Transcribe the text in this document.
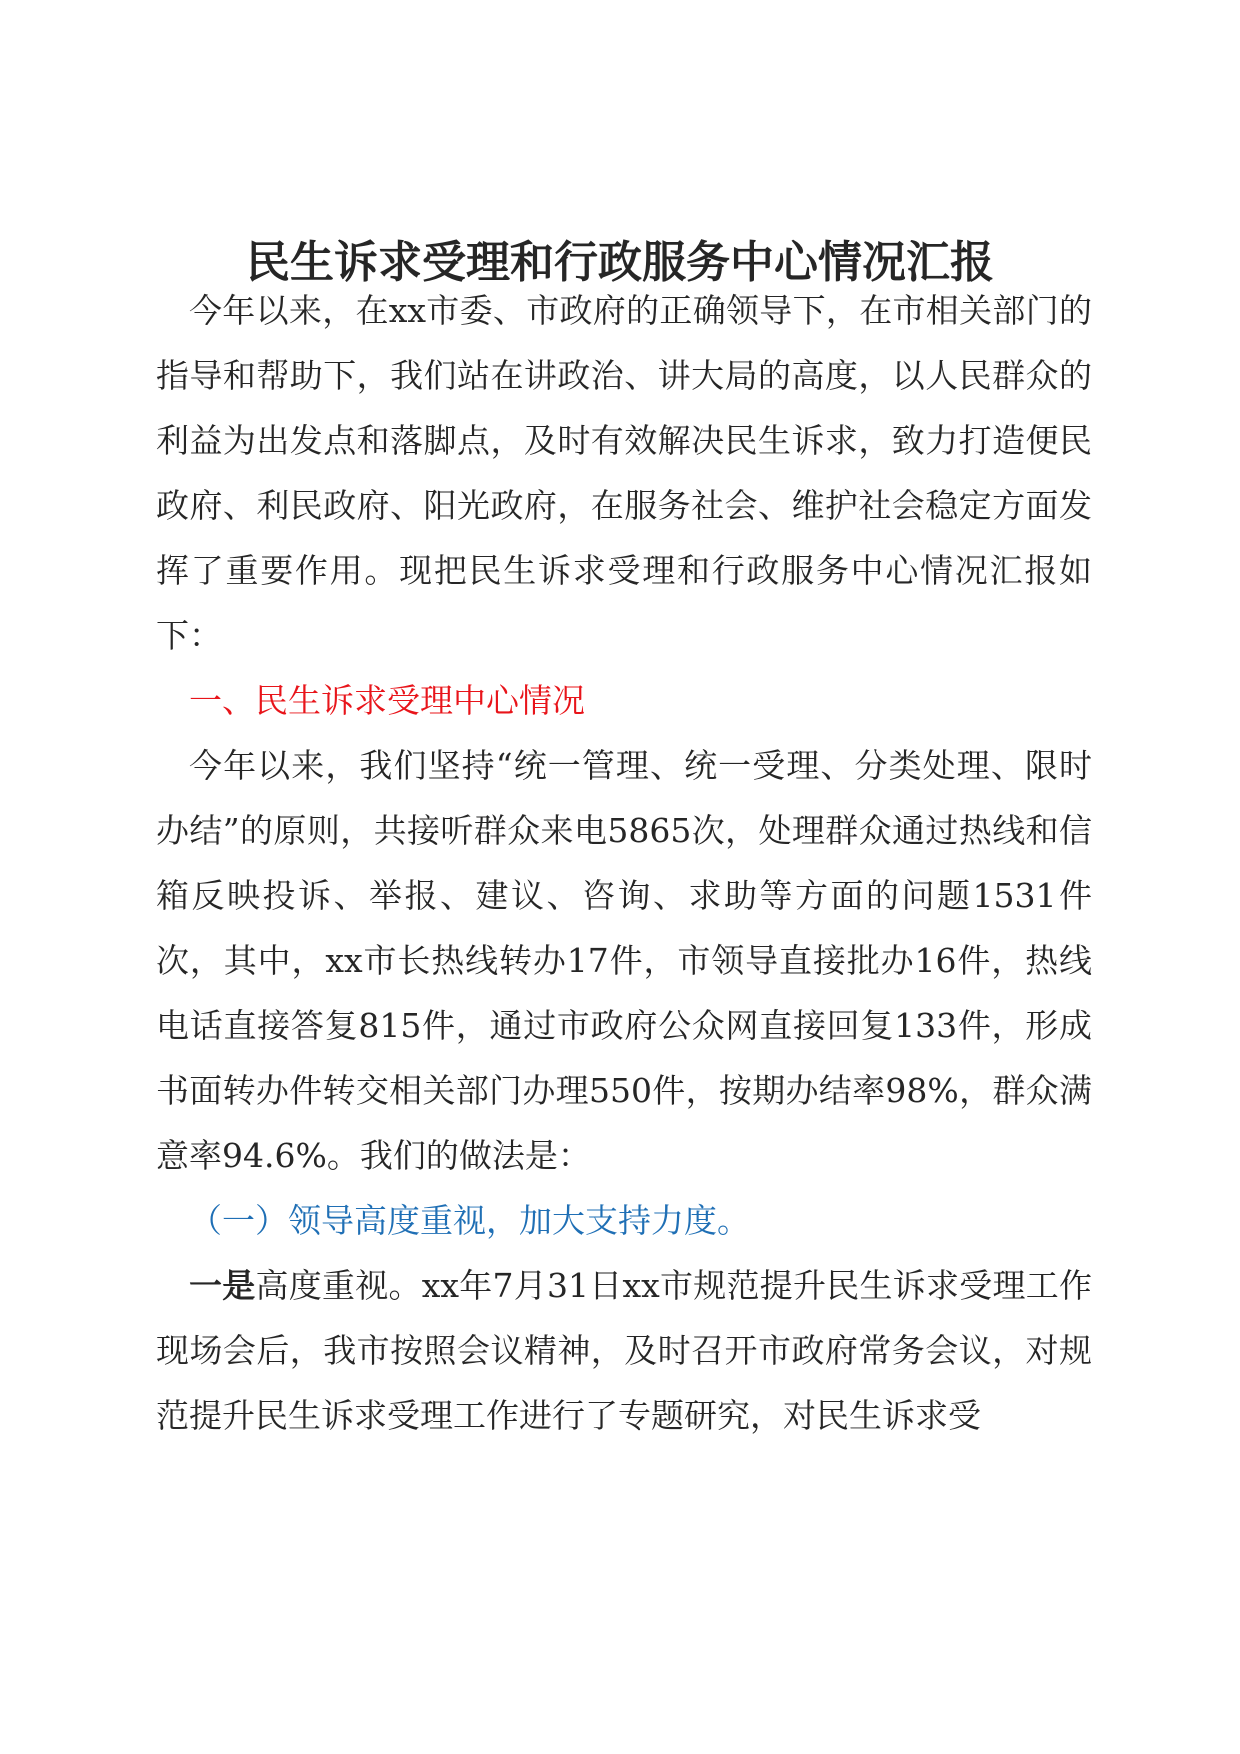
民生诉求受理和行政服务中心情况汇报

今年以来，在xx市委、市政府的正确领导下，在市相关部门的指导和帮助下，我们站在讲政治、讲大局的高度，以人民群众的利益为出发点和落脚点，及时有效解决民生诉求，致力打造便民政府、利民政府、阳光政府，在服务社会、维护社会稳定方面发挥了重要作用。现把民生诉求受理和行政服务中心情况汇报如下：

一、民生诉求受理中心情况

今年以来，我们坚持“统一管理、统一受理、分类处理、限时办结”的原则，共接听群众来电5865次，处理群众通过热线和信箱反映投诉、举报、建议、咨询、求助等方面的问题1531件次，其中，xx市长热线转办17件，市领导直接批办16件，热线电话直接答复815件，通过市政府公众网直接回复133件，形成书面转办件转交相关部门办理550件，按期办结率98%，群众满意率94.6%。我们的做法是：

（一）领导高度重视，加大支持力度。

一是高度重视。xx年7月31日xx市规范提升民生诉求受理工作现场会后，我市按照会议精神，及时召开市政府常务会议，对规范提升民生诉求受理工作进行了专题研究，对民生诉求受
